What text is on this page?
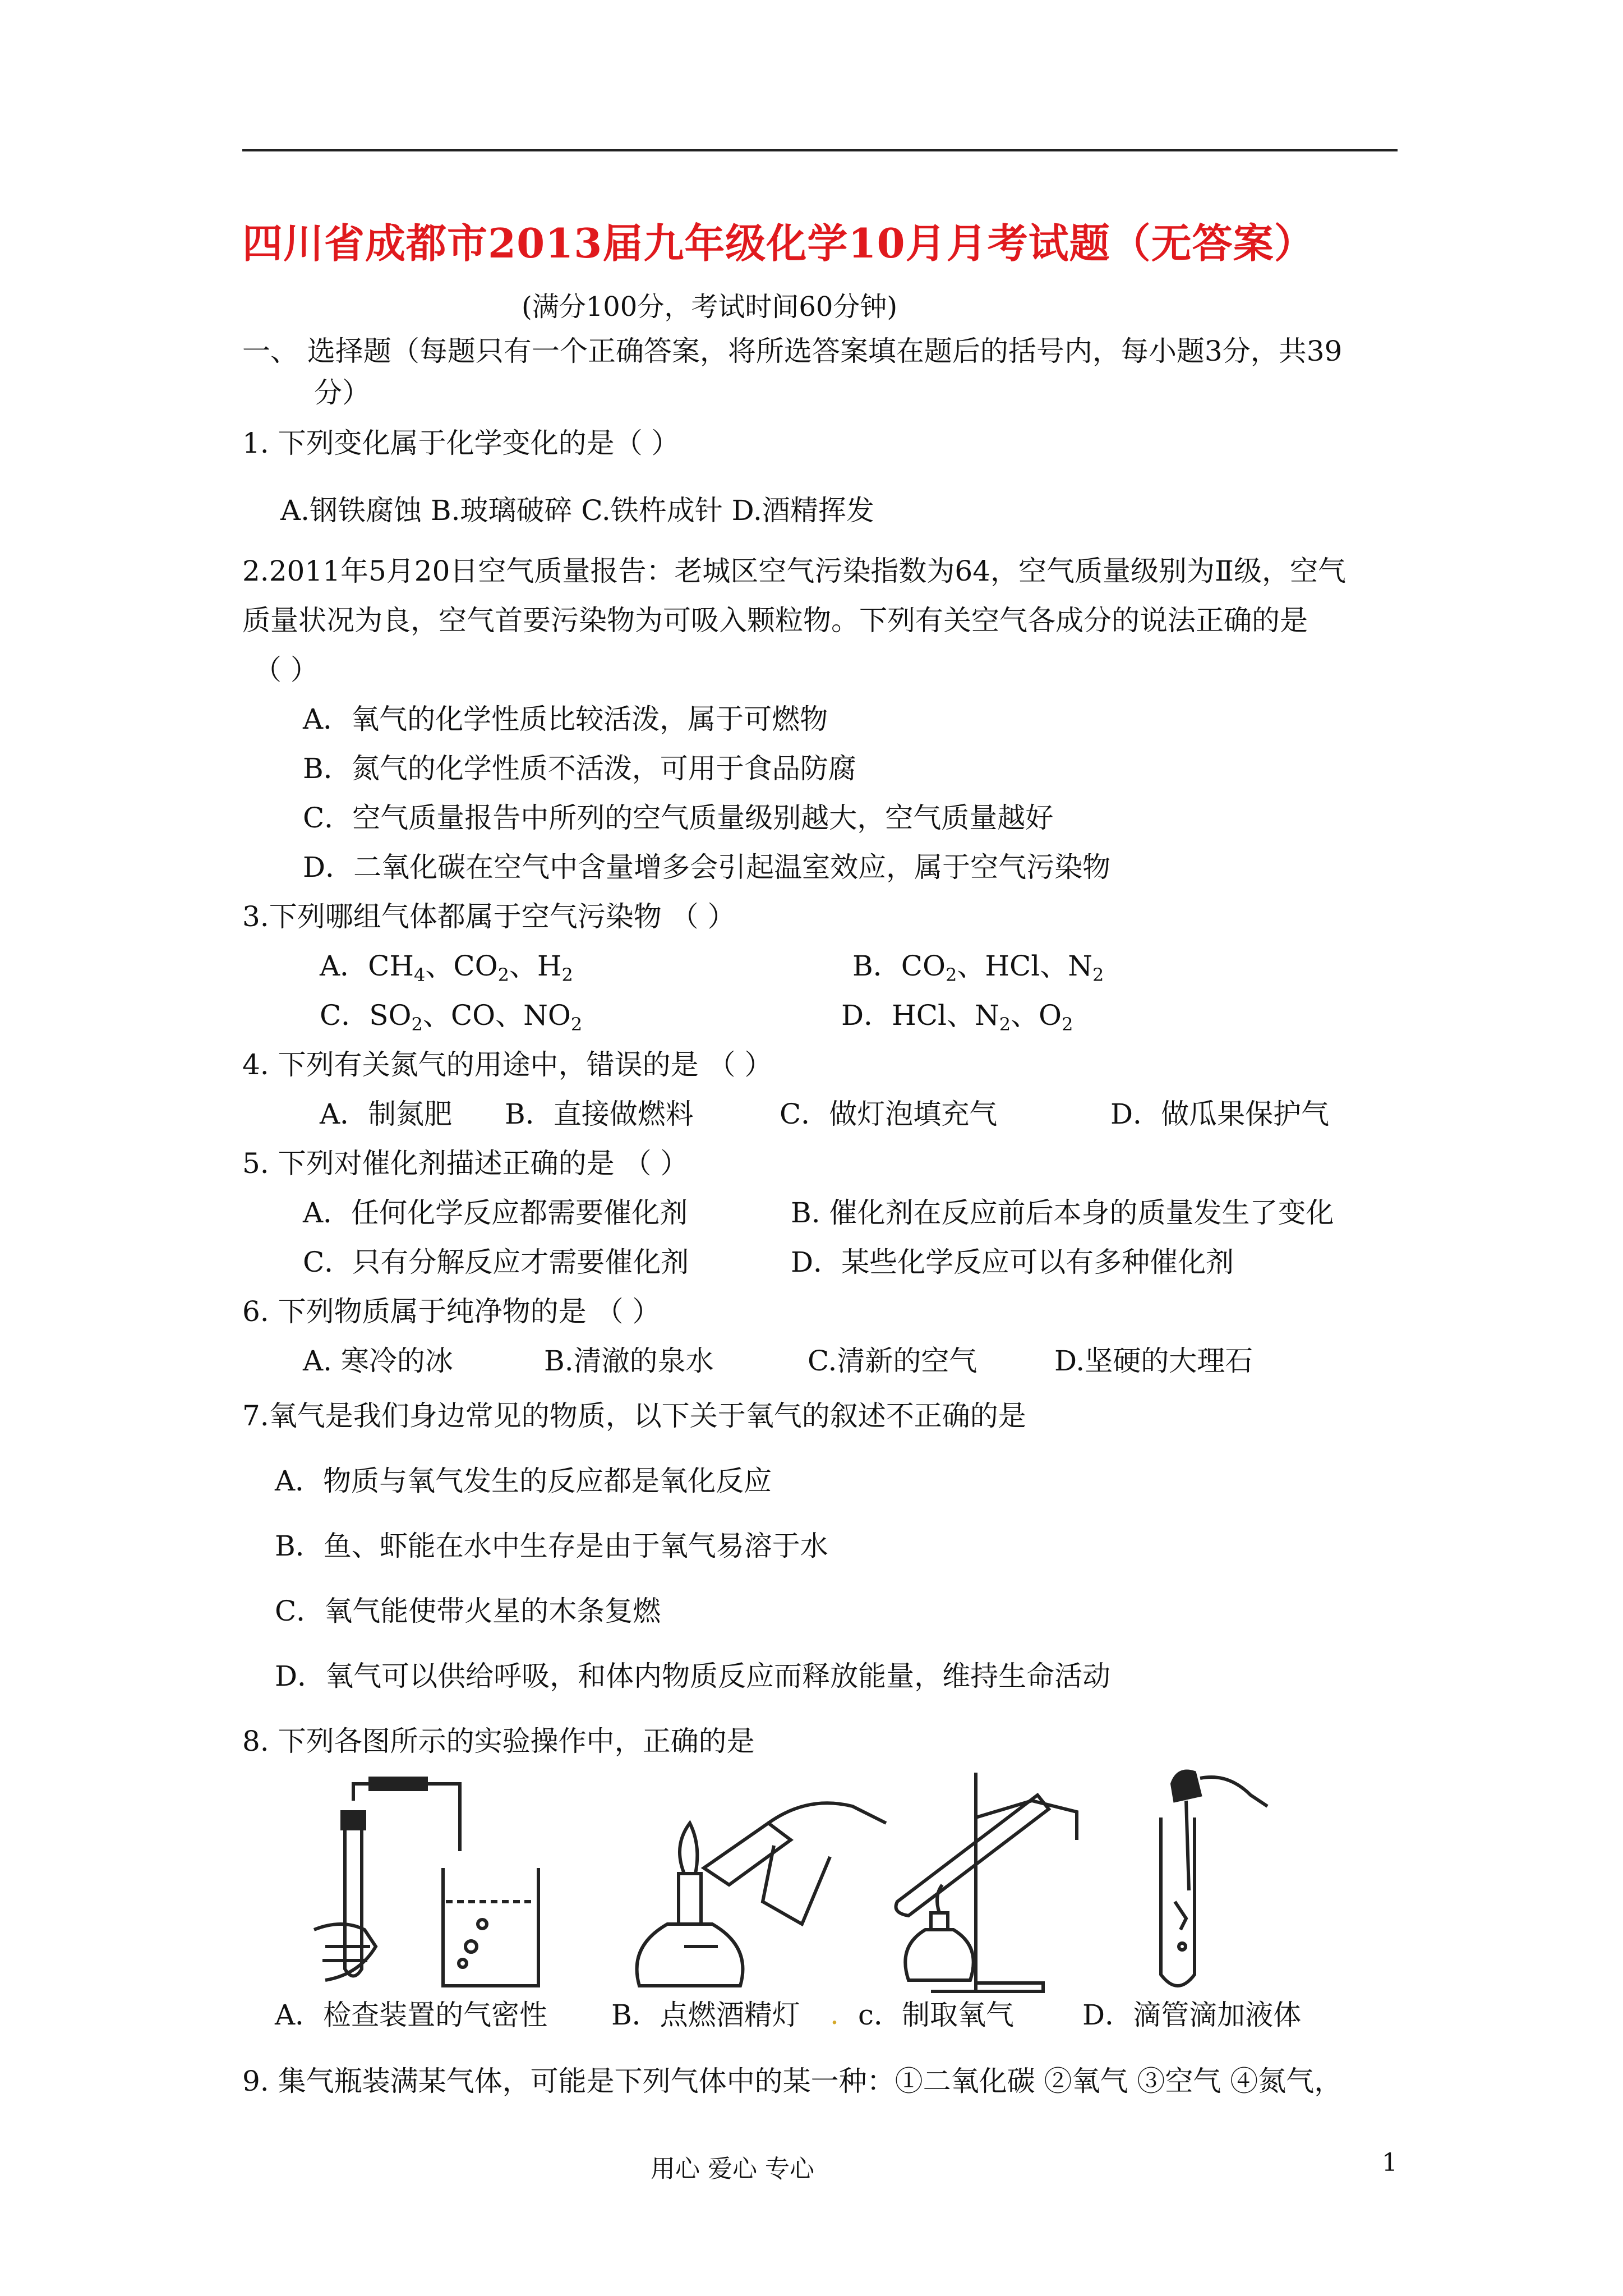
四川省成都市2013届九年级化学10月月考试题（无答案）
(满分100分，考试时间60分钟)
一、 选择题（每题只有一个正确答案，将所选答案填在题后的括号内，每小题3分，共39
分）
1. 下列变化属于化学变化的是（ ）
A.钢铁腐蚀 B.玻璃破碎 C.铁杵成针 D.酒精挥发
2.2011年5月20日空气质量报告：老城区空气污染指数为64，空气质量级别为Ⅱ级，空气
质量状况为良，空气首要污染物为可吸入颗粒物。下列有关空气各成分的说法正确的是
（ ）
A．氧气的化学性质比较活泼，属于可燃物
B．氮气的化学性质不活泼，可用于食品防腐
C．空气质量报告中所列的空气质量级别越大，空气质量越好
D．二氧化碳在空气中含量增多会引起温室效应，属于空气污染物
3.下列哪组气体都属于空气污染物 （ ）
A．$CH_4$、$CO_2$、$H_2$	B．$CO_2$、HCl、$N_2$
C．$SO_2$、CO、$NO_2$	D．HCl、$N_2$、$O_2$
4. 下列有关氮气的用途中，错误的是 （ ）
A．制氮肥 B．直接做燃料	C．做灯泡填充气	D．做瓜果保护气
5. 下列对催化剂描述正确的是 （ ）
A．任何化学反应都需要催化剂	B. 催化剂在反应前后本身的质量发生了变化
C．只有分解反应才需要催化剂	D．某些化学反应可以有多种催化剂
6. 下列物质属于纯净物的是 （ ）
A. 寒冷的冰	B.清澈的泉水	C.清新的空气	D.坚硬的大理石
7.氧气是我们身边常见的物质，以下关于氧气的叙述不正确的是
A．物质与氧气发生的反应都是氧化反应
B．鱼、虾能在水中生存是由于氧气易溶于水
C．氧气能使带火星的木条复燃
D．氧气可以供给呼吸，和体内物质反应而释放能量，维持生命活动
8. 下列各图所示的实验操作中，正确的是
A．检查装置的气密性 B．点燃酒精灯 . c．制取氧气 D．滴管滴加液体
9. 集气瓶装满某气体，可能是下列气体中的某一种：①二氧化碳 ②氧气 ③空气 ④氮气，
用心 爱心 专心	1
